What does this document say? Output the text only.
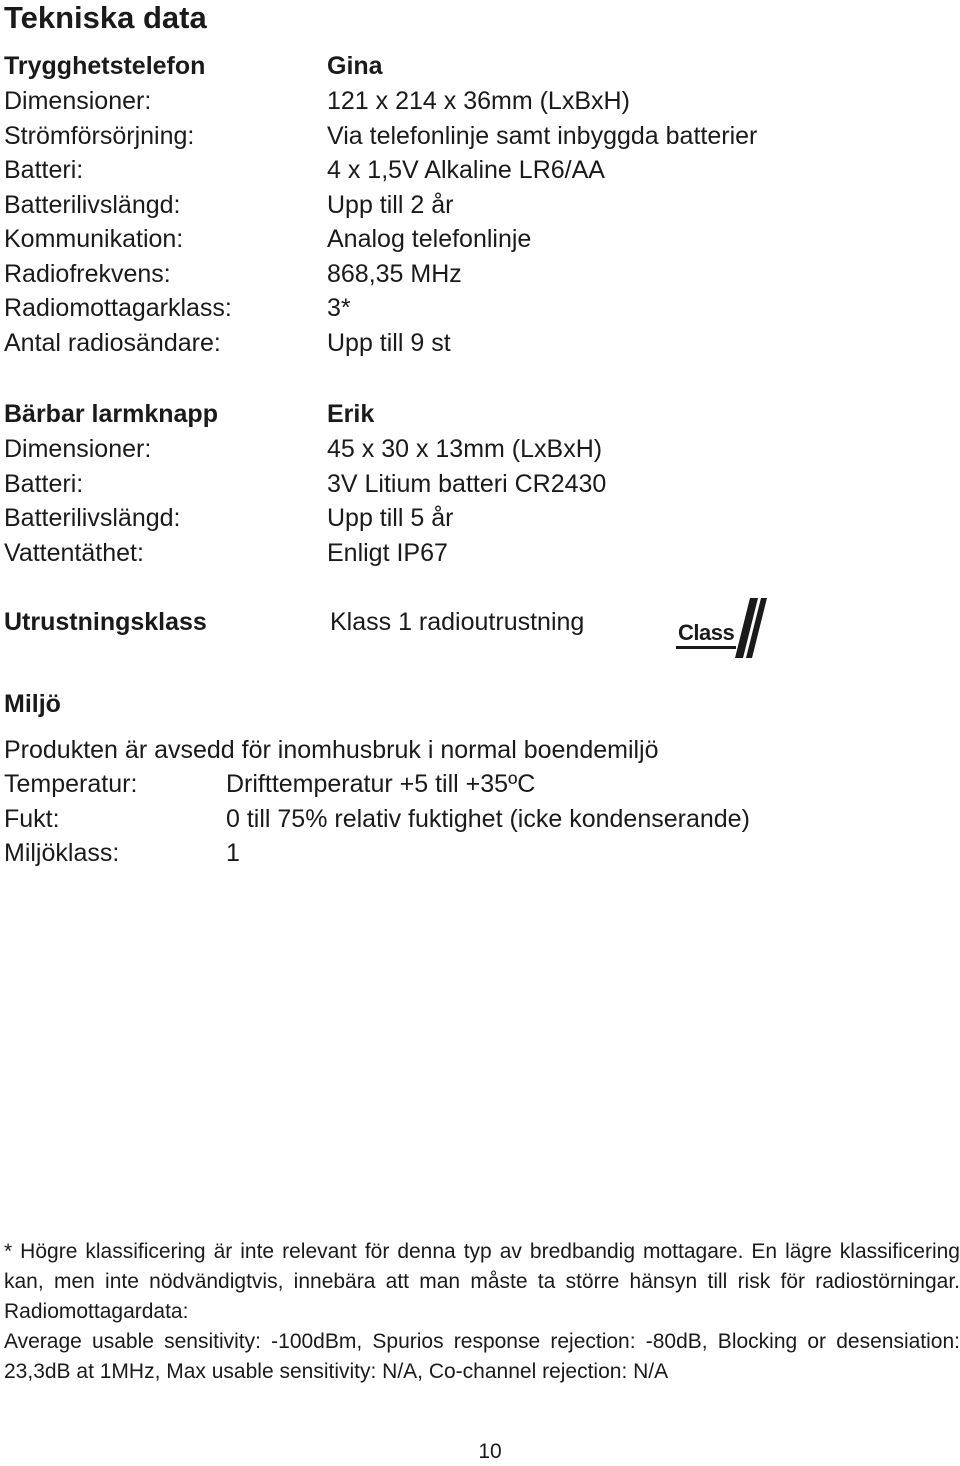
Tekniska data
Trygghetstelefon	Gina
Dimensioner:	121 x 214 x 36mm (LxBxH)
Strömförsörjning:	Via telefonlinje samt inbyggda batterier
Batteri:	4 x 1,5V Alkaline LR6/AA
Batterilivslängd:	Upp till 2 år
Kommunikation:	Analog telefonlinje
Radiofrekvens:	868,35 MHz
Radiomottagarklass:	3*
Antal radiosändare:	Upp till 9 st
Bärbar larmknapp	Erik
Dimensioner:	45 x 30 x 13mm (LxBxH)
Batteri:	3V Litium batteri CR2430
Batterilivslängd:	Upp till 5 år
Vattentäthet:	Enligt IP67
Utrustningsklass	Klass 1 radioutrustning	Class
Miljö
Produkten är avsedd för inomhusbruk i normal boendemiljö
Temperatur:	Drifttemperatur +5 till +35ºC
Fukt:	0 till 75% relativ fuktighet (icke kondenserande)
Miljöklass:	1

* Högre klassificering är inte relevant för denna typ av bredbandig mottagare. En lägre klassificering kan, men inte nödvändigtvis, innebära att man måste ta större hänsyn till risk för radiostörningar. Radiomottagardata:

Average usable sensitivity: -100dBm, Spurios response rejection: -80dB, Blocking or desensiation: 23,3dB at 1MHz, Max usable sensitivity: N/A, Co-channel rejection: N/A

10
